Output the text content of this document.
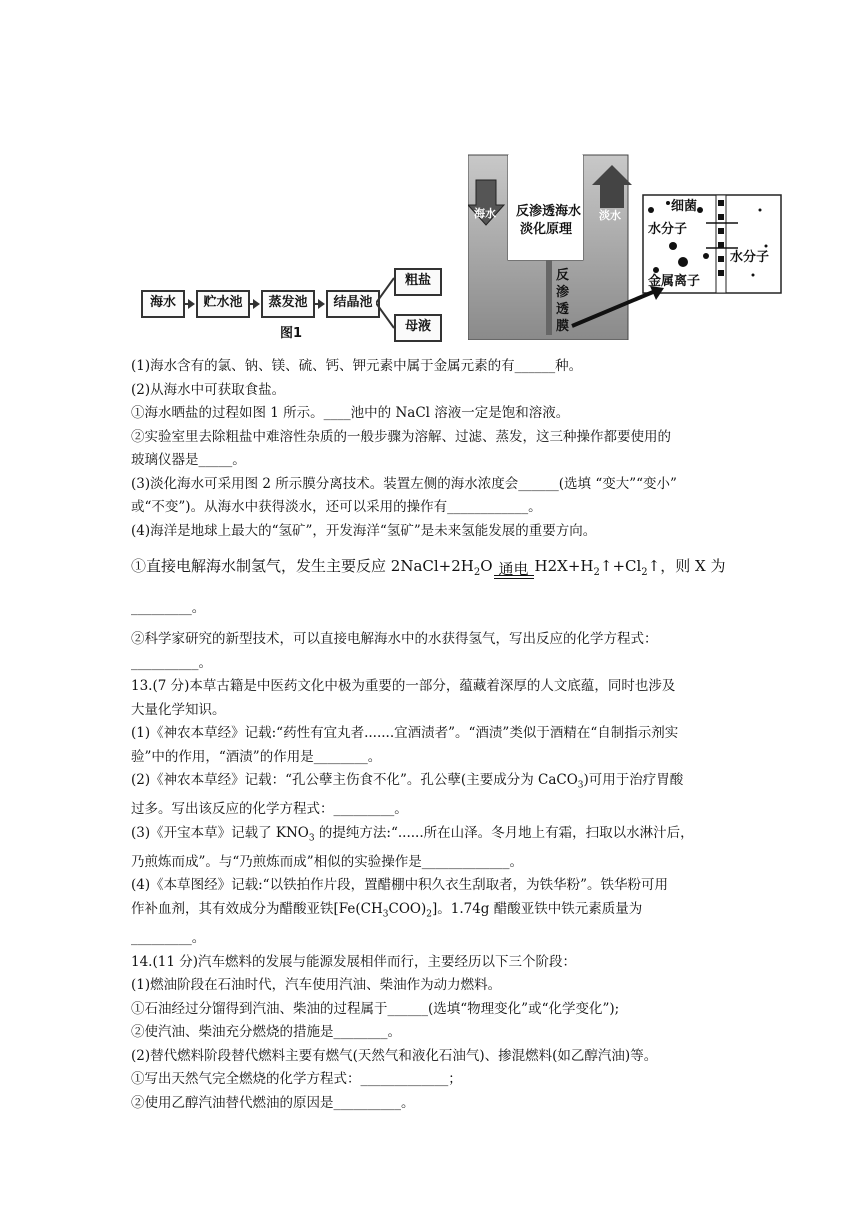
海水	贮水池	蒸发池	结晶池
粗盐
母液
图1
海水 反渗透海水
淡化原理
淡水
反渗透膜
细菌
水分子
水分子
金属离子
(1)海水含有的氯、钠、镁、硫、钙、钾元素中属于金属元素的有______种。
(2)从海水中可获取食盐。
①海水晒盐的过程如图 1 所示。____池中的 NaCl 溶液一定是饱和溶液。
②实验室里去除粗盐中难溶性杂质的一般步骤为溶解、过滤、蒸发，这三种操作都要使用的
玻璃仪器是_____。
(3)淡化海水可采用图 2 所示膜分离技术。装置左侧的海水浓度会______(选填 “变大”“变小”
或“不变”)。从海水中获得淡水，还可以采用的操作有____________。
(4)海洋是地球上最大的“氢矿”，开发海洋“氢矿”是未来氢能发展的重要方向。
①直接电解海水制氢气，发生主要反应 $2NaCl+2H_2O$ 通电 $H2X+H_2↑+Cl_2↑$，则 X 为
_________。
②科学家研究的新型技术，可以直接电解海水中的水获得氢气，写出反应的化学方程式：
__________。
13.(7 分)本草古籍是中医药文化中极为重要的一部分，蕴藏着深厚的人文底蕴，同时也涉及
大量化学知识。
(1)《神农本草经》记载:“药性有宜丸者.......宜酒渍者”。“酒渍”类似于酒精在“自制指示剂实
验”中的作用，“酒渍”的作用是________。
(2)《神农本草经》记载：“孔公孽主伤食不化”。孔公孽(主要成分为 CaCO$_3$)可用于治疗胃酸
过多。写出该反应的化学方程式：_________。
(3)《开宝本草》记载了 $KNO_3$ 的提纯方法:“......所在山泽。冬月地上有霜，扫取以水淋汁后，
乃煎炼而成”。与“乃煎炼而成”相似的实验操作是_____________。
(4)《本草图经》记载:“以铁拍作片段，置醋棚中积久衣生刮取者，为铁华粉”。铁华粉可用
作补血剂，其有效成分为醋酸亚铁$[Fe(CH_3COO)_2]$。1.74g 醋酸亚铁中铁元素质量为
_________。
14.(11 分)汽车燃料的发展与能源发展相伴而行，主要经历以下三个阶段：
(1)燃油阶段在石油时代，汽车使用汽油、柴油作为动力燃料。
①石油经过分馏得到汽油、柴油的过程属于______(选填“物理变化”或“化学变化”);
②使汽油、柴油充分燃烧的措施是________。
(2)替代燃料阶段替代燃料主要有燃气(天然气和液化石油气)、掺混燃料(如乙醇汽油)等。
①写出天然气完全燃烧的化学方程式：_____________；
②使用乙醇汽油替代燃油的原因是__________。
